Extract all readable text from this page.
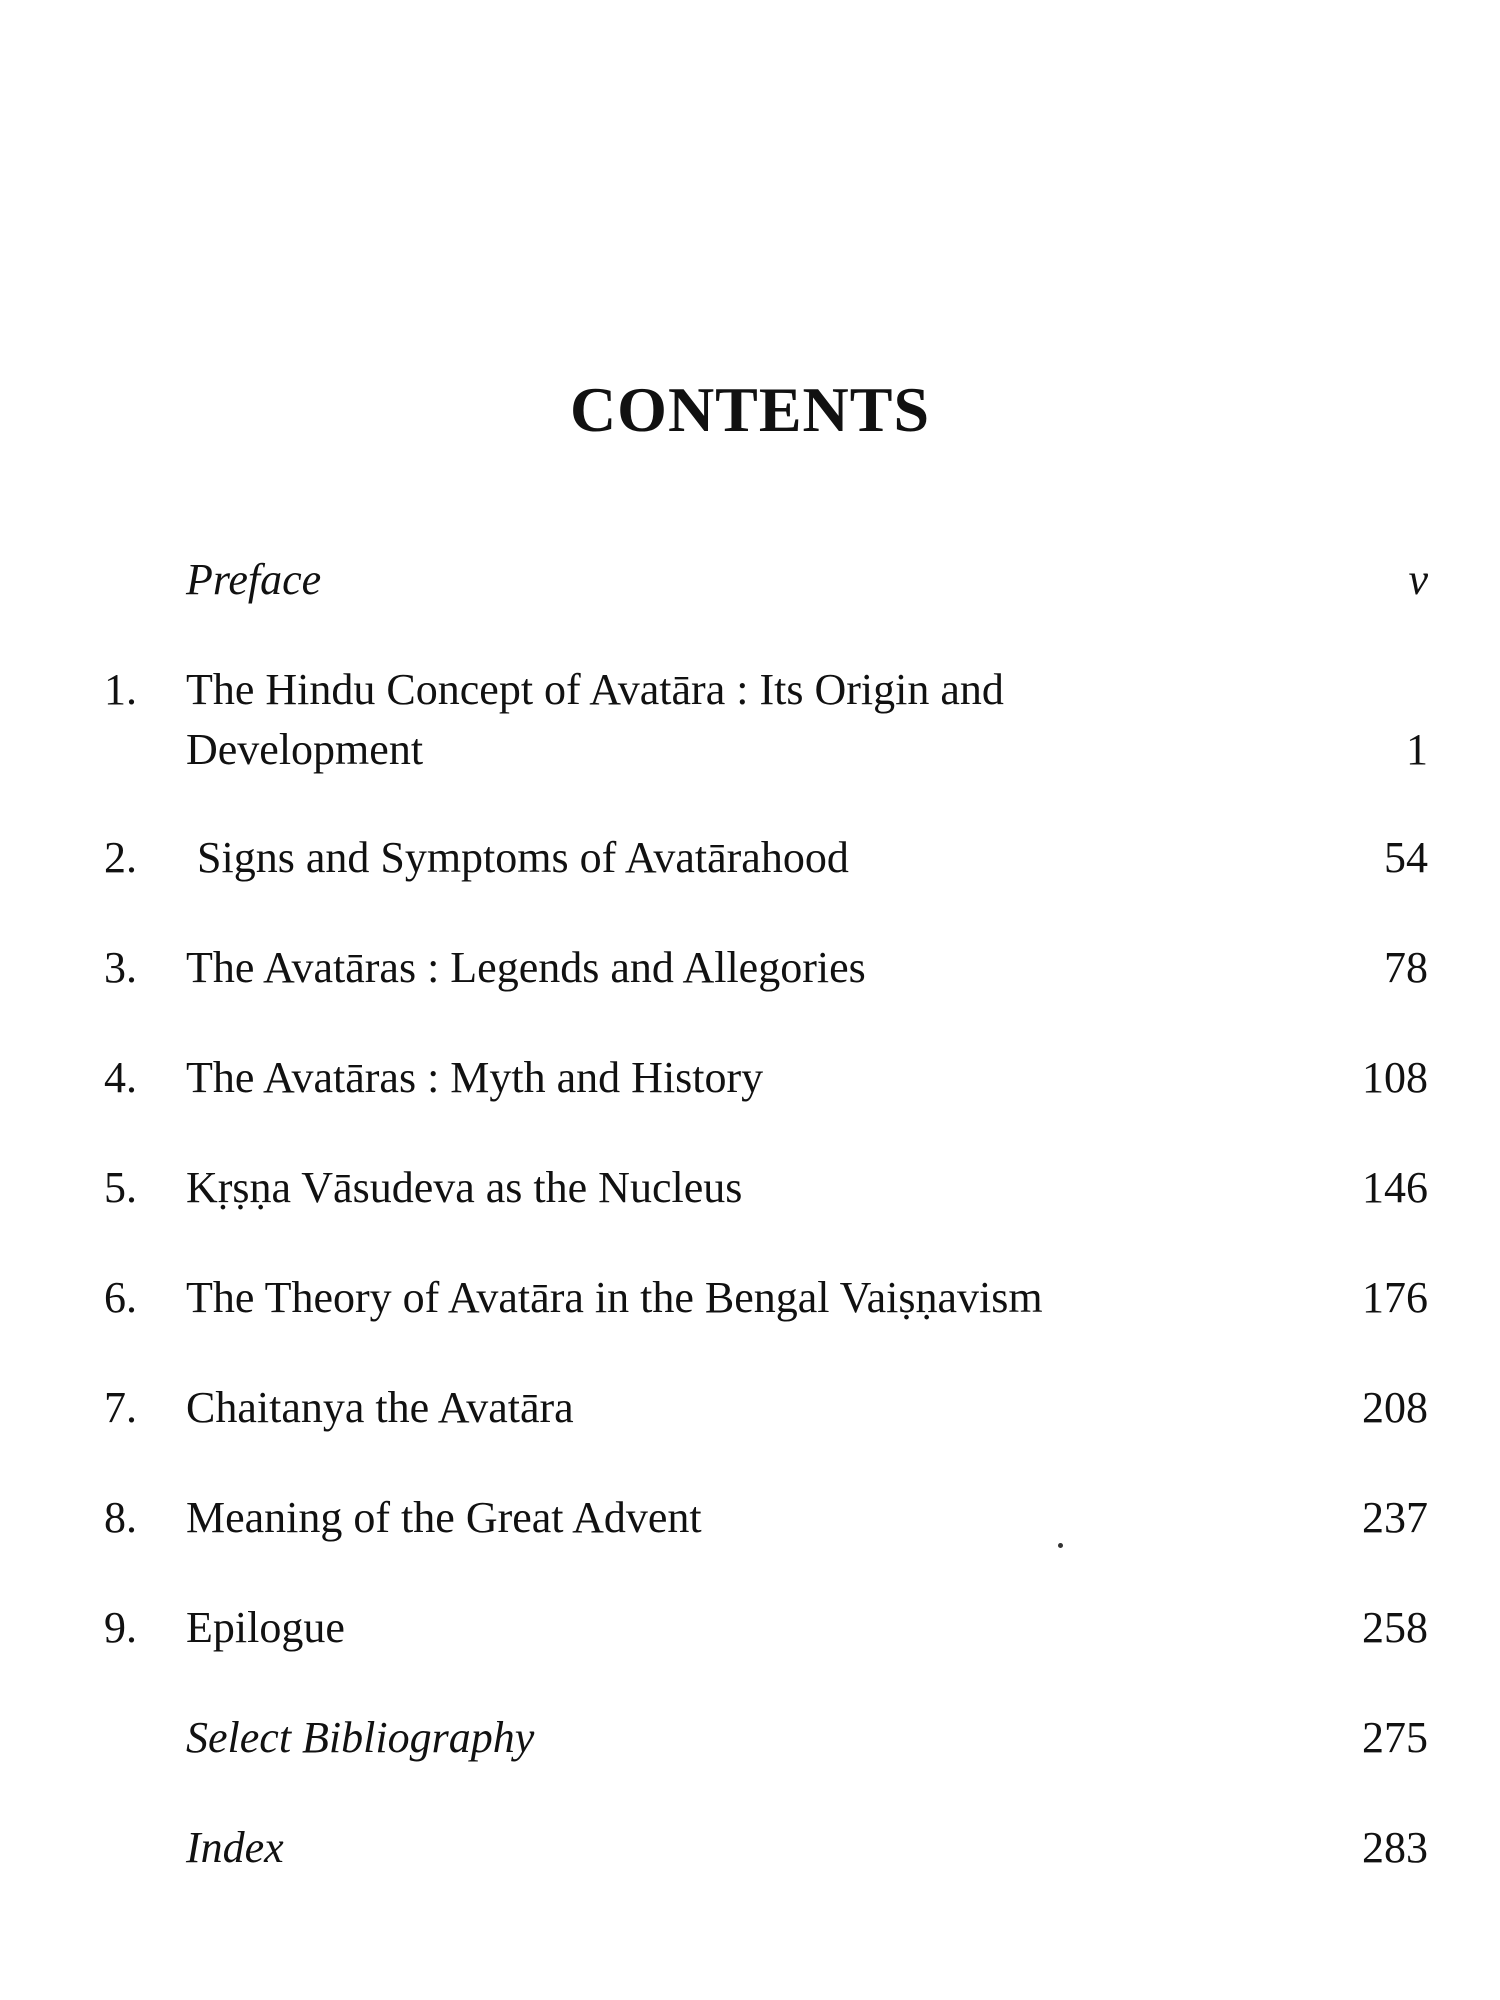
CONTENTS
Preface	v
1. The Hindu Concept of Avatāra : Its Origin and
Development	1
2. Signs and Symptoms of Avatārahood	54
3. The Avatāras : Legends and Allegories	78
4. The Avatāras : Myth and History	108
5. Kṛṣṇa Vāsudeva as the Nucleus	146
6. The Theory of Avatāra in the Bengal Vaiṣṇavism	176
7. Chaitanya the Avatāra	208
8. Meaning of the Great Advent	237
9. Epilogue	258
Select Bibliography	275
Index	283
